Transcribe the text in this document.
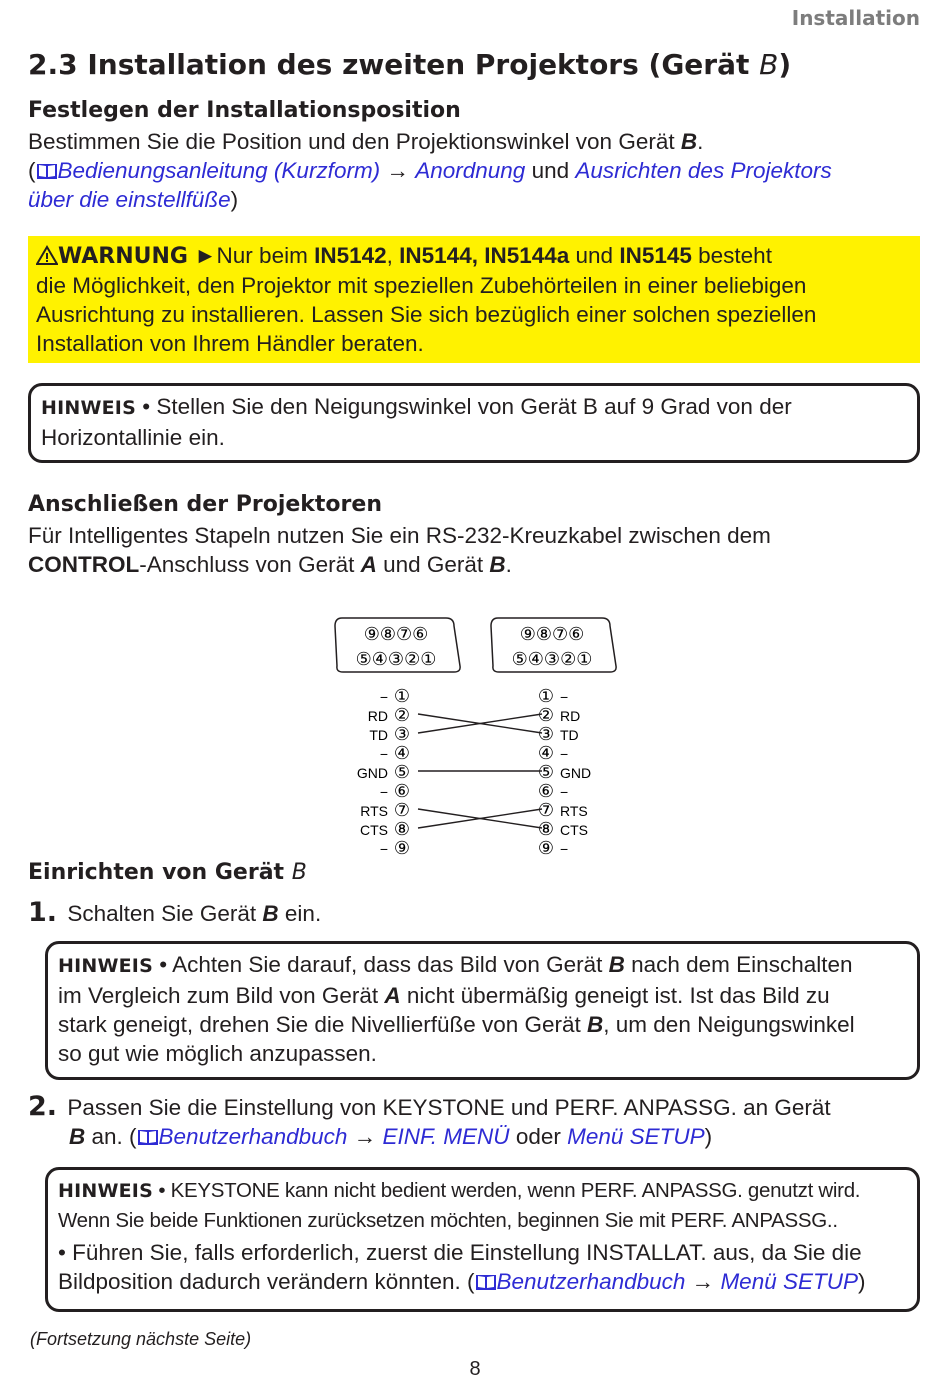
Installation
2.3 Installation des zweiten Projektors (Gerät B)
Festlegen der Installationsposition
Bestimmen Sie die Position und den Projektionswinkel von Gerät B.
( Bedienungsanleitung (Kurzform) → Anordnung und Ausrichten des Projektors
über die einstellfüße)
WARNUNG ►Nur beim IN5142, IN5144, IN5144a und IN5145 besteht
die Möglichkeit, den Projektor mit speziellen Zubehörteilen in einer beliebigen
Ausrichtung zu installieren. Lassen Sie sich bezüglich einer solchen speziellen
Installation von Ihrem Händler beraten.
HINWEIS • Stellen Sie den Neigungswinkel von Gerät B auf 9 Grad von der
Horizontallinie ein.
Anschließen der Projektoren
Für Intelligentes Stapeln nutzen Sie ein RS-232-Kreuzkabel zwischen dem
CONTROL-Anschluss von Gerät A und Gerät B.
⑨⑧⑦⑥
⑤④③②①
⑨⑧⑦⑥
⑤④③②①
− ①
RD ②
TD ③
− ④
GND ⑤
− ⑥
RTS ⑦
CTS ⑧
− ⑨
① −
② RD
③ TD
④ −
⑤ GND
⑥ −
⑦ RTS
⑧ CTS
⑨ −
Einrichten von Gerät B
1. Schalten Sie Gerät B ein.
HINWEIS • Achten Sie darauf, dass das Bild von Gerät B nach dem Einschalten
im Vergleich zum Bild von Gerät A nicht übermäßig geneigt ist. Ist das Bild zu
stark geneigt, drehen Sie die Nivellierfüße von Gerät B, um den Neigungswinkel
so gut wie möglich anzupassen.
2. Passen Sie die Einstellung von KEYSTONE und PERF. ANPASSG. an Gerät
B an. ( Benutzerhandbuch → EINF. MENÜ oder Menü SETUP)
HINWEIS • KEYSTONE kann nicht bedient werden, wenn PERF. ANPASSG. genutzt wird.
Wenn Sie beide Funktionen zurücksetzen möchten, beginnen Sie mit PERF. ANPASSG..
• Führen Sie, falls erforderlich, zuerst die Einstellung INSTALLAT. aus, da Sie die
Bildposition dadurch verändern könnten. ( Benutzerhandbuch → Menü SETUP)
(Fortsetzung nächste Seite)
8
